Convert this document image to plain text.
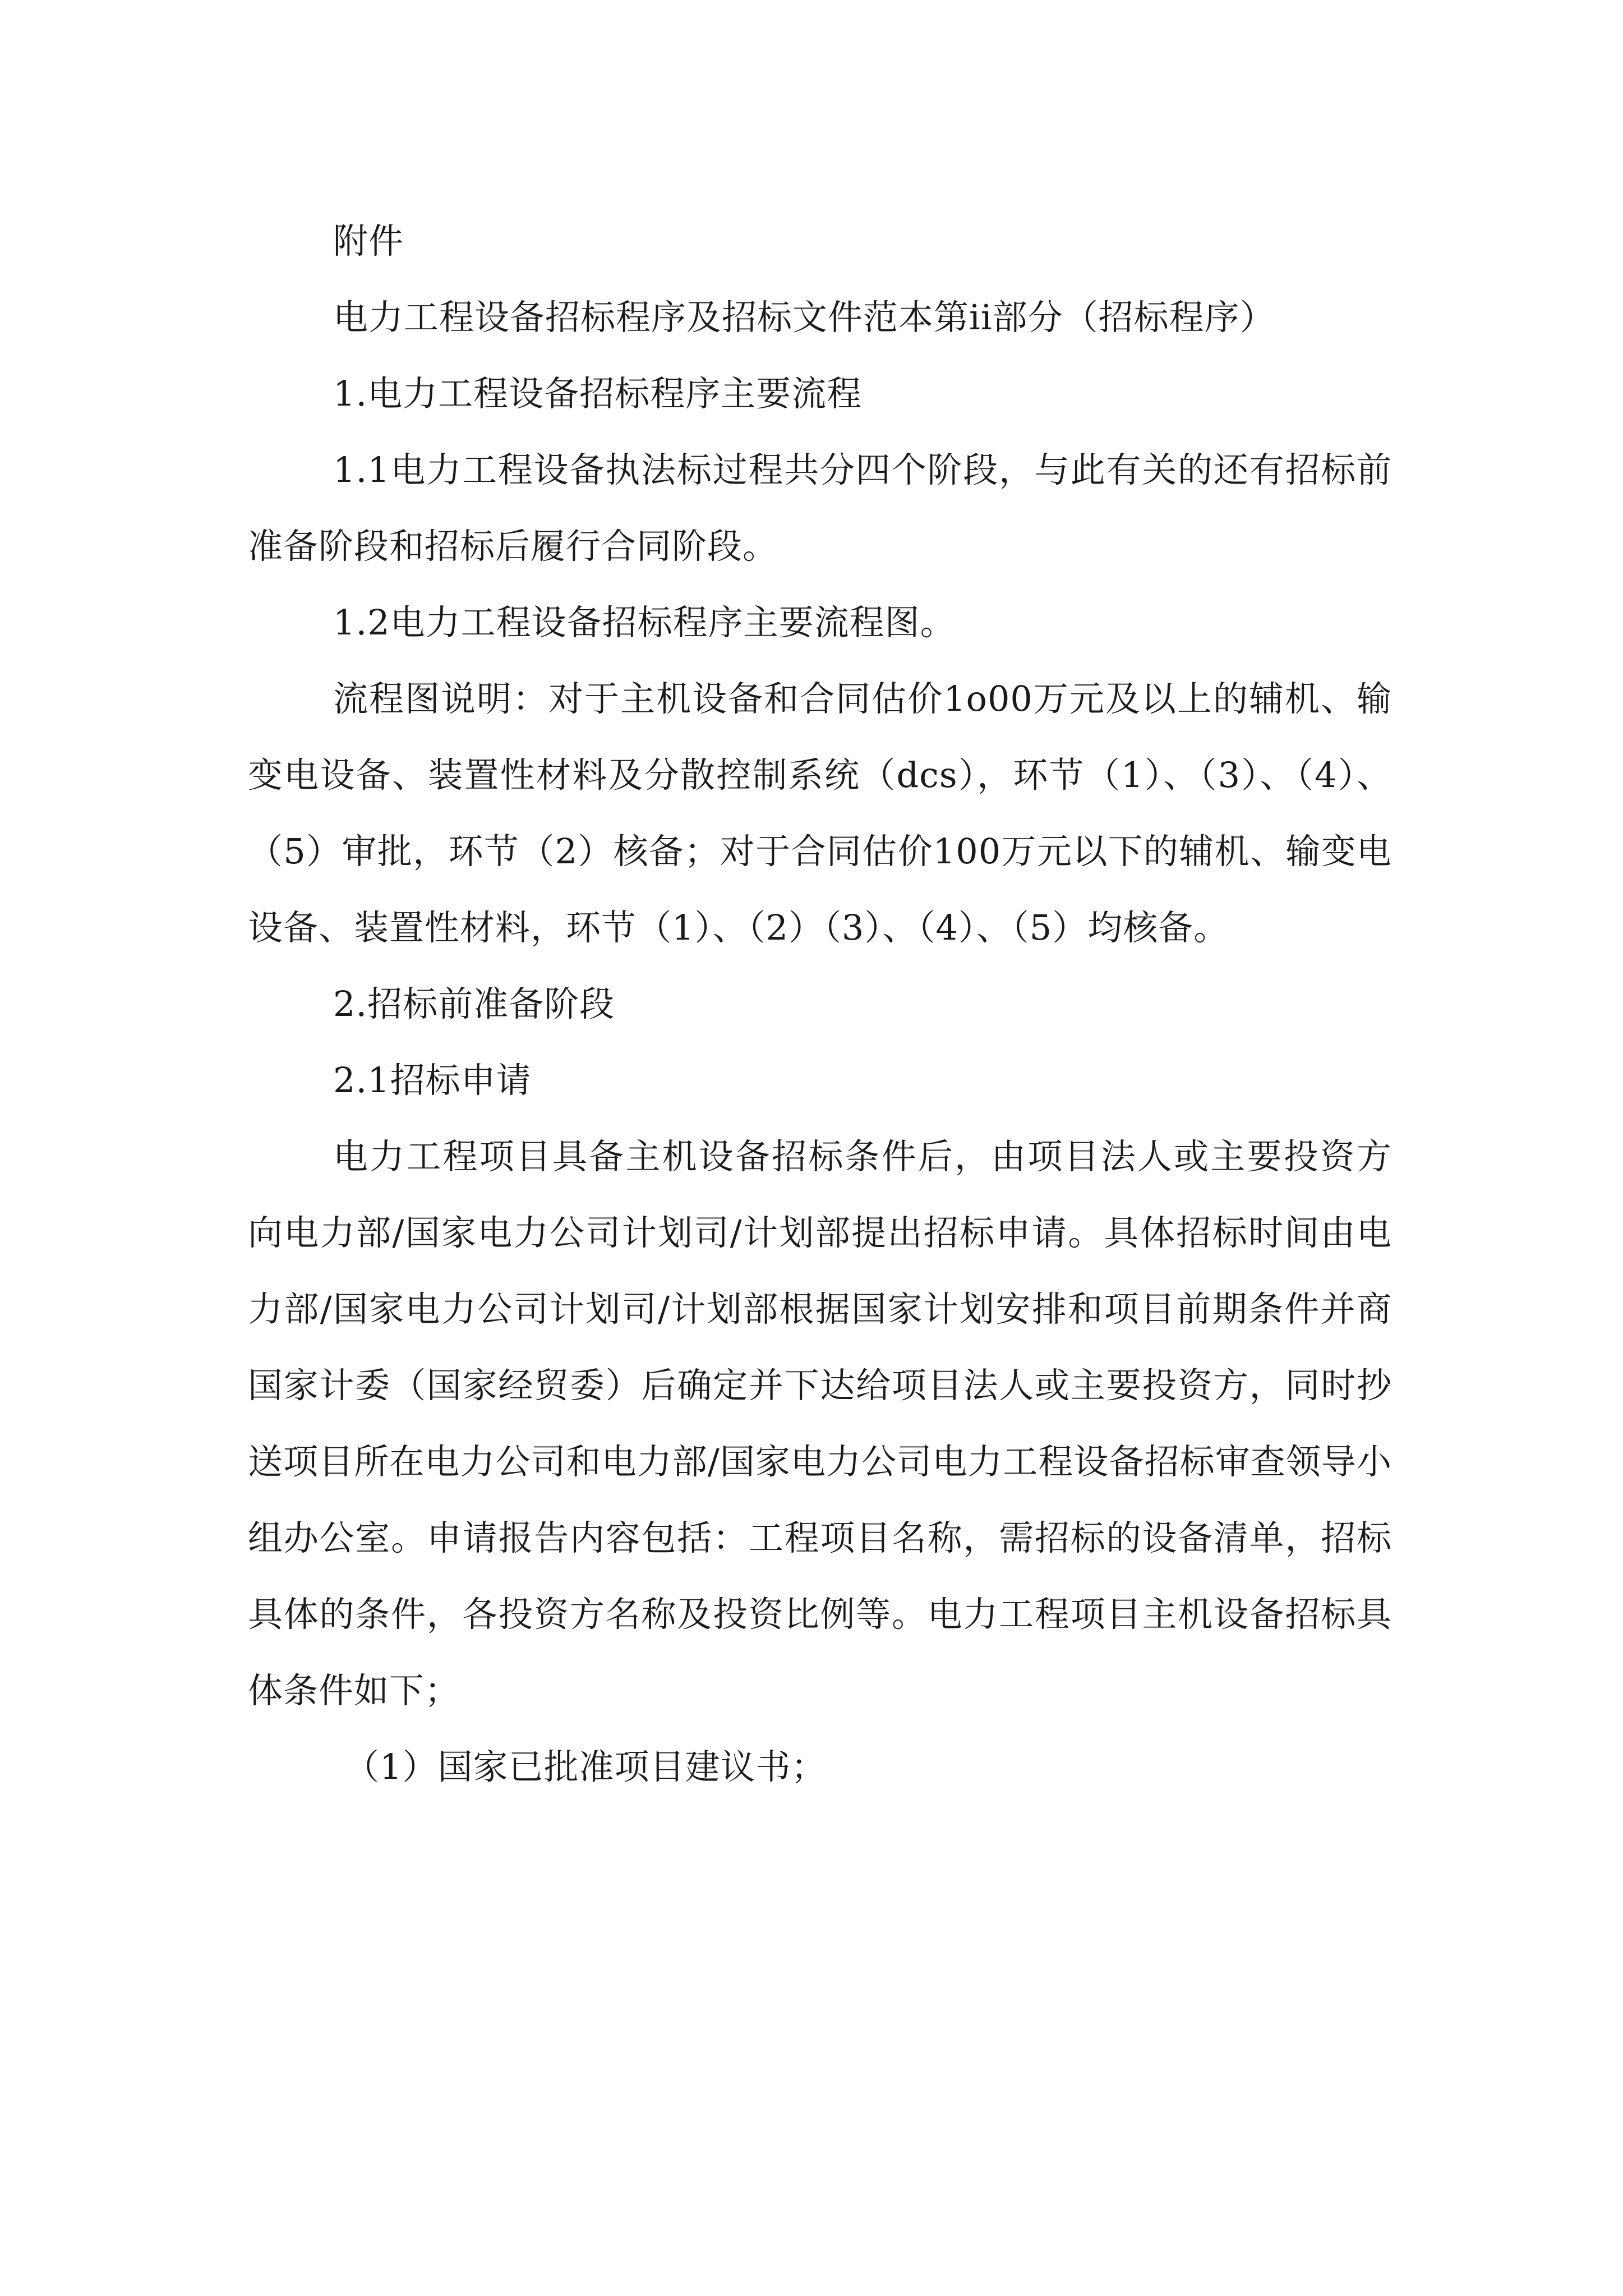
附件

电力工程设备招标程序及招标文件范本第ii部分（招标程序）

1.电力工程设备招标程序主要流程

1.1电力工程设备执法标过程共分四个阶段，与此有关的还有招标前准备阶段和招标后履行合同阶段。

1.2电力工程设备招标程序主要流程图。

流程图说明：对于主机设备和合同估价1o00万元及以上的辅机、输变电设备、装置性材料及分散控制系统（dcs），环节（1）、（3）、（4）、（5）审批，环节（2）核备；对于合同估价100万元以下的辅机、输变电设备、装置性材料，环节（1）、（2）（3）、（4）、（5）均核备。

2.招标前准备阶段

2.1招标申请

电力工程项目具备主机设备招标条件后，由项目法人或主要投资方向电力部/国家电力公司计划司/计划部提出招标申请。具体招标时间由电力部/国家电力公司计划司/计划部根据国家计划安排和项目前期条件并商国家计委（国家经贸委）后确定并下达给项目法人或主要投资方，同时抄送项目所在电力公司和电力部/国家电力公司电力工程设备招标审查领导小组办公室。申请报告内容包括：工程项目名称，需招标的设备清单，招标具体的条件，各投资方名称及投资比例等。电力工程项目主机设备招标具体条件如下；

（1）国家已批准项目建议书；
